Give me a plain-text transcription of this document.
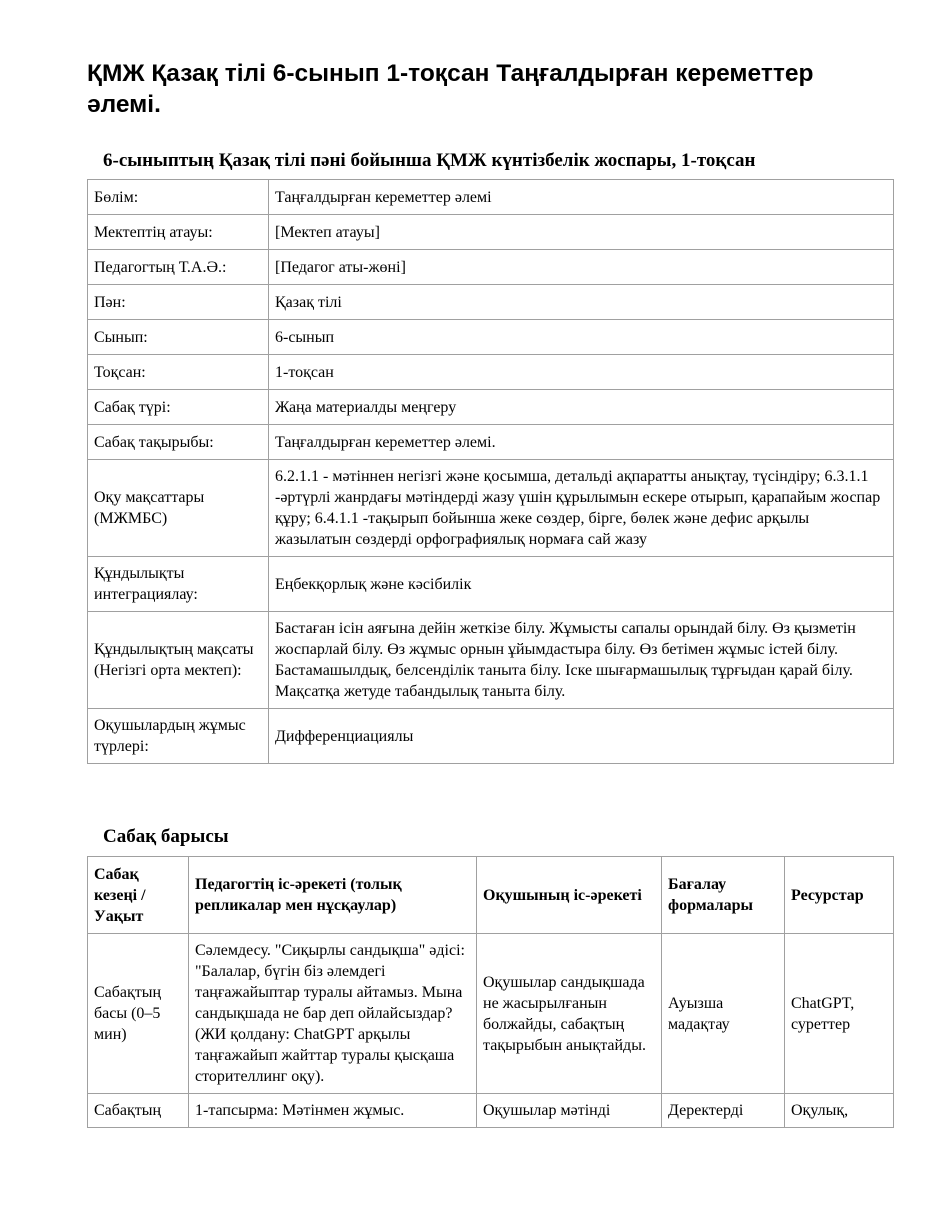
ҚМЖ Қазақ тілі 6-сынып 1-тоқсан Таңғалдырған кереметтер әлемі.
6-сыныптың Қазақ тілі пәні бойынша ҚМЖ күнтізбелік жоспары, 1-тоқсан
Бөлім:	Таңғалдырған кереметтер әлемі
Мектептің атауы:	[Мектеп атауы]
Педагогтың Т.А.Ә.:	[Педагог аты-жөні]
Пән:	Қазақ тілі
Сынып:	6-сынып
Тоқсан:	1-тоқсан
Сабақ түрі:	Жаңа материалды меңгеру
Сабақ тақырыбы:	Таңғалдырған кереметтер әлемі.
Оқу мақсаттары (МЖМБС)	6.2.1.1 - мәтіннен негізгі және қосымша, детальді ақпаратты анықтау, түсіндіру; 6.3.1.1 -әртүрлі жанрдағы мәтіндерді жазу үшін құрылымын ескере отырып, қарапайым жоспар құру; 6.4.1.1 -тақырып бойынша жеке сөздер, бірге, бөлек және дефис арқылы жазылатын сөздерді орфографиялық нормаға сай жазу
Құндылықты интеграциялау:	Еңбекқорлық және кәсібилік
Құндылықтың мақсаты (Негізгі орта мектеп):	Бастаған ісін аяғына дейін жеткізе білу. Жұмысты сапалы орындай білу. Өз қызметін жоспарлай білу. Өз жұмыс орнын ұйымдастыра білу. Өз бетімен жұмыс істей білу. Бастамашылдық, белсенділік таныта білу. Іске шығармашылық тұрғыдан қарай білу. Мақсатқа жетуде табандылық таныта білу.
Оқушылардың жұмыс түрлері:	Дифференциациялы
Сабақ барысы
Сабақ кезеңі / Уақыт	Педагогтің іс-әрекеті (толық репликалар мен нұсқаулар)	Оқушының іс-әрекеті	Бағалау формалары	Ресурстар
Сабақтың басы (0–5 мин)	Сәлемдесу. "Сиқырлы сандықша" әдісі: "Балалар, бүгін біз әлемдегі таңғажайыптар туралы айтамыз. Мына сандықшада не бар деп ойлайсыздар? (ЖИ қолдану: ChatGPT арқылы таңғажайып жайттар туралы қысқаша сторителлинг оқу).	Оқушылар сандықшада не жасырылғанын болжайды, сабақтың тақырыбын анықтайды.	Ауызша мадақтау	ChatGPT, суреттер
Сабақтың	1-тапсырма: Мәтінмен жұмыс.	Оқушылар мәтінді	Деректерді	Оқулық,
